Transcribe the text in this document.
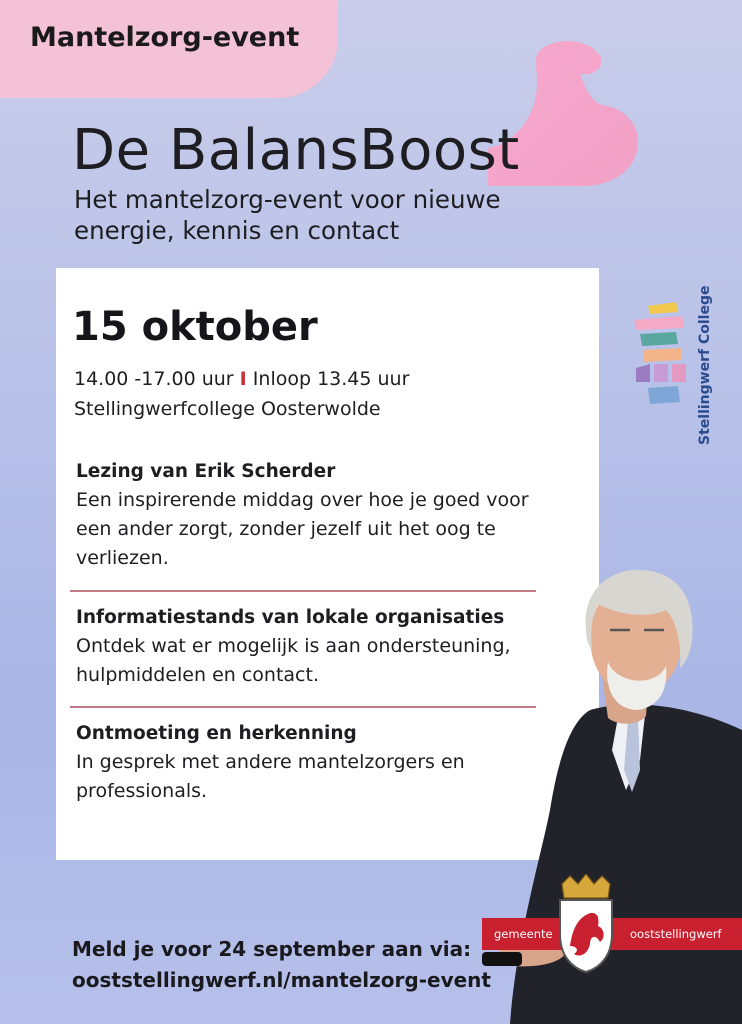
Mantelzorg-event
De BalansBoost
Het mantelzorg-event voor nieuwe energie, kennis en contact
15 oktober
14.00 -17.00 uur I Inloop 13.45 uur
Stellingwerfcollege Oosterwolde
Lezing van Erik Scherder
Een inspirerende middag over hoe je goed voor een ander zorgt, zonder jezelf uit het oog te verliezen.
Informatiestands van lokale organisaties
Ontdek wat er mogelijk is aan ondersteuning, hulpmiddelen en contact.
Ontmoeting en herkenning
In gesprek met andere mantelzorgers en professionals.
Stellingwerf College
gemeente	ooststellingwerf
Meld je voor 24 september aan via:
ooststellingwerf.nl/mantelzorg-event
